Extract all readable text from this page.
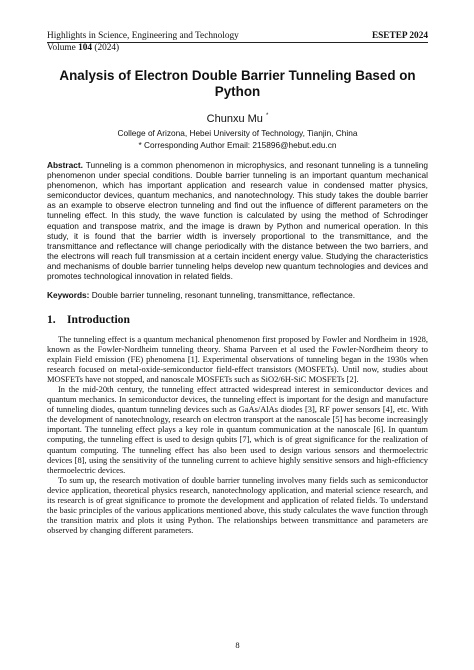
Highlights in Science, Engineering and Technology	ESETEP 2024
Volume 104 (2024)
Analysis of Electron Double Barrier Tunneling Based on Python
Chunxu Mu *
College of Arizona, Hebei University of Technology, Tianjin, China
* Corresponding Author Email: 215896@hebut.edu.cn
Abstract. Tunneling is a common phenomenon in microphysics, and resonant tunneling is a tunneling phenomenon under special conditions. Double barrier tunneling is an important quantum mechanical phenomenon, which has important application and research value in condensed matter physics, semiconductor devices, quantum mechanics, and nanotechnology. This study takes the double barrier as an example to observe electron tunneling and find out the influence of different parameters on the tunneling effect. In this study, the wave function is calculated by using the method of Schrodinger equation and transpose matrix, and the image is drawn by Python and numerical operation. In this study, it is found that the barrier width is inversely proportional to the transmittance, and the transmittance and reflectance will change periodically with the distance between the two barriers, and the electrons will reach full transmission at a certain incident energy value. Studying the characteristics and mechanisms of double barrier tunneling helps develop new quantum technologies and devices and promotes technological innovation in related fields.
Keywords: Double barrier tunneling, resonant tunneling, transmittance, reflectance.
1. Introduction

The tunneling effect is a quantum mechanical phenomenon first proposed by Fowler and Nordheim in 1928, known as the Fowler-Nordheim tunneling theory. Shama Parveen et al used the Fowler-Nordheim theory to explain Field emission (FE) phenomena [1]. Experimental observations of tunneling began in the 1930s when research focused on metal-oxide-semiconductor field-effect transistors (MOSFETs). Until now, studies about MOSFETs have not stopped, and nanoscale MOSFETs such as SiO2/6H-SiC MOSFETs [2].

In the mid-20th century, the tunneling effect attracted widespread interest in semiconductor devices and quantum mechanics. In semiconductor devices, the tunneling effect is important for the design and manufacture of tunneling diodes, quantum tunneling devices such as GaAs/AlAs diodes [3], RF power sensors [4], etc. With the development of nanotechnology, research on electron transport at the nanoscale [5] has become increasingly important. The tunneling effect plays a key role in quantum communication at the nanoscale [6]. In quantum computing, the tunneling effect is used to design qubits [7], which is of great significance for the realization of quantum computing. The tunneling effect has also been used to design various sensors and thermoelectric devices [8], using the sensitivity of the tunneling current to achieve highly sensitive sensors and high-efficiency thermoelectric devices.

To sum up, the research motivation of double barrier tunneling involves many fields such as semiconductor device application, theoretical physics research, nanotechnology application, and material science research, and its research is of great significance to promote the development and application of related fields. To understand the basic principles of the various applications mentioned above, this study calculates the wave function through the transition matrix and plots it using Python. The relationships between transmittance and parameters are observed by changing different parameters.

8
